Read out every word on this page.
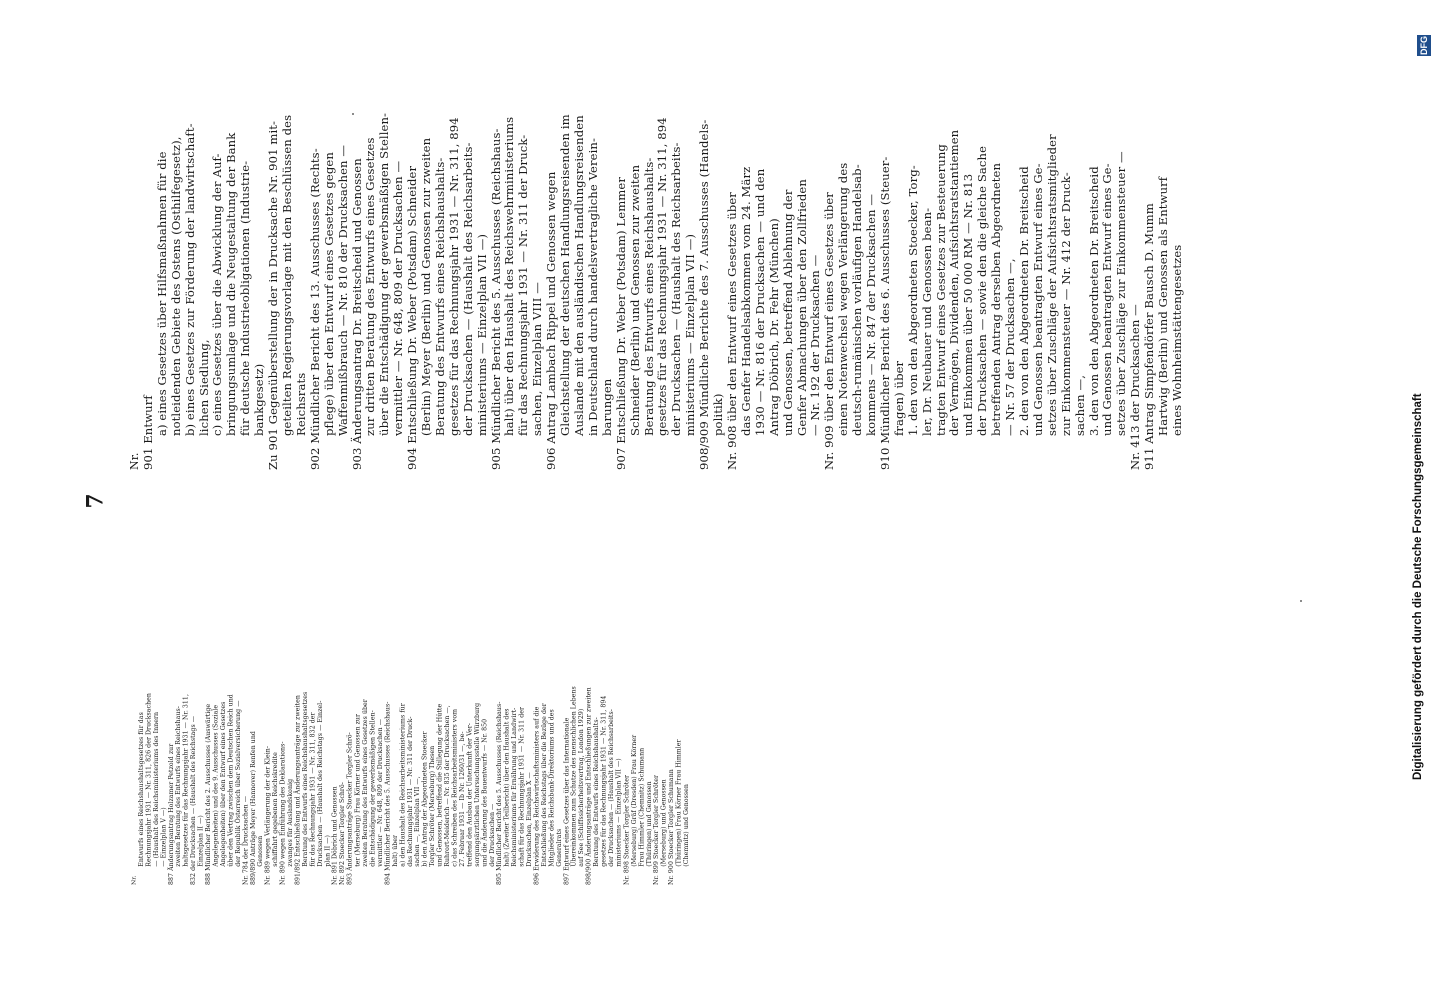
Nr.
Entwurfs eines Reichshaushaltsgesetzes für das Rechnungsjahr 1931 — Nr. 311, 826 der Drucksachen — (Haushalt des Reichsministeriums des Innern — Einzelplan V —) 887 Änderungsantrag Holzamer Petzold zur zweiten Beratung des Entwurfs eines Reichshaus- haltsgesetzes für das Rechnungsjahr 1931 — Nr. 311, 832 der Drucksachen — (Haushalt des Reichstags — Einzelplan II —) 888 Mündlicher Bericht des 2. Ausschusses (Auswärtige Angelegenheiten) und des 9. Ausschusses (Soziale Angelegenheiten) über den Entwurf eines Gesetzes über den Vertrag zwischen dem Deutschen Reich und der Republik Österreich über Sozialversicherung — Nr. 784 der Drucksachen — 889/890 Anträge Meyer (Hannover) Renfen und Genossen Nr. 889 wegen Verlängerung der der Klein- schiffahrt gegebenen Reichskredite Nr. 890 wegen Einführung des Deklarations- zwanges für Auslandskonig 891/892 Entschließung und Änderungsanträge zur zweiten Beratung des Entwurfs eines Reichshaushaltsgesetzes für das Rechnungsjahr 1931 — Nr. 311, 832 der Drucksachen — (Haushalt des Reichstags — Einzel- plan II —) Nr. 891 Döbrich und Genossen Nr. 892 Stoecker Torgler Schrö- 893 Änderungsanträge Stoecker Torgler Schrö- ter (Merseburg) Frau Körner und Genossen zur zweiten Beratung des Entwurfs eines Gesetzes über die Entschädigung der gewerbsmäßigen Stellen- vermittler — Nr. 648, 809 der Drucksachen — 894 Mündlicher Bericht des 5. Ausschusses (Reichshaus- halt) über a) den Haushalt des Reichsarbeitsministeriums für das Rechnungsjahr 1931 — Nr. 311 der Druck- sachen —, Einzelplan VII —, b) den Antrag der Abgeordneten Stoecker Torgler Schröter (Merseburg) Thesen und Genossen, betreffend die Stillegung der Hütte Ruhrort-Meiderich — Nr. 835 der Drucksachen —, c) das Schreiben des Reichsarbeitsministers vom 27. Februar 1931 — Ib Nr. 1260/31 —, be- treffend den Ausbau der Unterkunft der Ver- sorgungsärztlichen Untersuchungsstelle Würzburg und die Änderung des Bauentwurfs — Nr. 850 der Drucksachen — 895 Mündlicher Bericht des 5. Ausschusses (Reichshaus- halt) (Zweiter Teilbericht) über den Haushalt des Reichsministeriums für Ernährung und Landwirt- schaft für das Rechnungsjahr 1931 — Nr. 311 der Drucksachen, Einzelplan X — 896 Erwiderung des Reichswirtschaftsministers auf die Entschließung des Reichstags über die Bezüge der Mitglieder des Reichsbank-Direktoriums und des Generalrats 897 Entwurf eines Gesetzes über das Internationale Übereinkommen zum Schutze des menschlichen Lebens auf See (Schiffssicherheitsvertrag, London 1929) 898/900 Änderungsanträge und Entschließungen zur zweiten Beratung des Entwurfs eines Reichshaushalts- gesetzes für das Rechnungsjahr 1931 — Nr. 311, 894 der Drucksachen — (Haushalt des Reichsarbeits- ministeriums — Einzelplan VII —) Nr. 898 Stoecker Torgler Schröter (Merseburg) Gräf (Dresden) Frau Körner Frau Himmler (Chemnitz) Schumann (Thüringen) und Genossen Nr. 899 Stoecker Torgler Schröter (Merseburg) und Genossen Nr. 900 Stoecker Torgler Schumann (Thüringen) Frau Körner Frau Himmler (Chemnitz) und Genossen
7
Nr. 901 Entwurf a) eines Gesetzes über Hilfsmaßnahmen für die notleidenden Gebiete des Ostens (Osthilfegesetz), b) eines Gesetzes zur Förderung der landwirtschaft- lichen Siedlung, c) eines Gesetzes über die Abwicklung der Auf- bringungsumlage und die Neugestaltung der Bank für deutsche Industrieobligationen (Industrie- bankgesetz) Zu 901 Gegenüberstellung der in Drucksache Nr. 901 mit- geteilten Regierungsvorlage mit den Beschlüssen des Reichsrats 902 Mündlicher Bericht des 13. Ausschusses (Rechts- pflege) über den Entwurf eines Gesetzes gegen Waffenmißbrauch — Nr. 810 der Drucksachen — 903 Änderungsantrag Dr. Breitscheid und Genossen zur dritten Beratung des Entwurfs eines Gesetzes über die Entschädigung der gewerbsmäßigen Stellen- vermittler — Nr. 648, 809 der Drucksachen — 904 Entschließung Dr. Weber (Potsdam) Schneider (Berlin) Meyer (Berlin) und Genossen zur zweiten Beratung des Entwurfs eines Reichshaushalts- gesetzes für das Rechnungsjahr 1931 — Nr. 311, 894 der Drucksachen — (Haushalt des Reichsarbeits- ministeriums — Einzelplan VII —) 905 Mündlicher Bericht des 5. Ausschusses (Reichshaus- halt) über den Haushalt des Reichswehrministeriums für das Rechnungsjahr 1931 — Nr. 311 der Druck- sachen, Einzelplan VIII — 906 Antrag Lambach Rippel und Genossen wegen Gleichstellung der deutschen Handlungsreisenden im Auslande mit den ausländischen Handlungsreisenden in Deutschland durch handelsvertragliche Verein- barungen 907 Entschließung Dr. Weber (Potsdam) Lemmer Schneider (Berlin) und Genossen zur zweiten Beratung des Entwurfs eines Reichshaushalts- gesetzes für das Rechnungsjahr 1931 — Nr. 311, 894 der Drucksachen — (Haushalt des Reichsarbeits- ministeriums — Einzelplan VII —) 908/909 Mündliche Berichte des 7. Ausschusses (Handels- politik) Nr. 908 über den Entwurf eines Gesetzes über das Genfer Handelsabkommen vom 24. März 1930 — Nr. 816 der Drucksachen — und den Antrag Döbrich, Dr. Fehr (München) und Genossen, betreffend Ablehnung der Genfer Abmachungen über den Zollfrieden — Nr. 192 der Drucksachen — Nr. 909 über den Entwurf eines Gesetzes über einen Notenwechsel wegen Verlängerung des deutsch-rumänischen vorläufigen Handelsab- kommens — Nr. 847 der Drucksachen — 910 Mündlicher Bericht des 6. Ausschusses (Steuer- fragen) über 1. den von den Abgeordneten Stoecker, Torg- ler, Dr. Neubauer und Genossen bean- tragten Entwurf eines Gesetzes zur Besteuerung der Vermögen, Dividenden, Aufsichtsratstantiemen und Einkommen über 50 000 RM — Nr. 813 der Drucksachen — sowie den die gleiche Sache betreffenden Antrag derselben Abgeordneten — Nr. 57 der Drucksachen —, 2. den von den Abgeordneten Dr. Breitscheid und Genossen beantragten Entwurf eines Ge- setzes über Zuschläge der Aufsichtsratsmitglieder zur Einkommensteuer — Nr. 412 der Druck- sachen —, 3. den von den Abgeordneten Dr. Breitscheid und Genossen beantragten Entwurf eines Ge- setzes über Zuschläge zur Einkommensteuer — Nr. 413 der Drucksachen — 911 Antrag Simpfendörfer Bausch D. Mumm Hartwig (Berlin) und Genossen als Entwurf eines Wohnheimstättengesetzes
Digitalisierung gefördert durch die Deutsche Forschungsgemeinschaft
DFG
